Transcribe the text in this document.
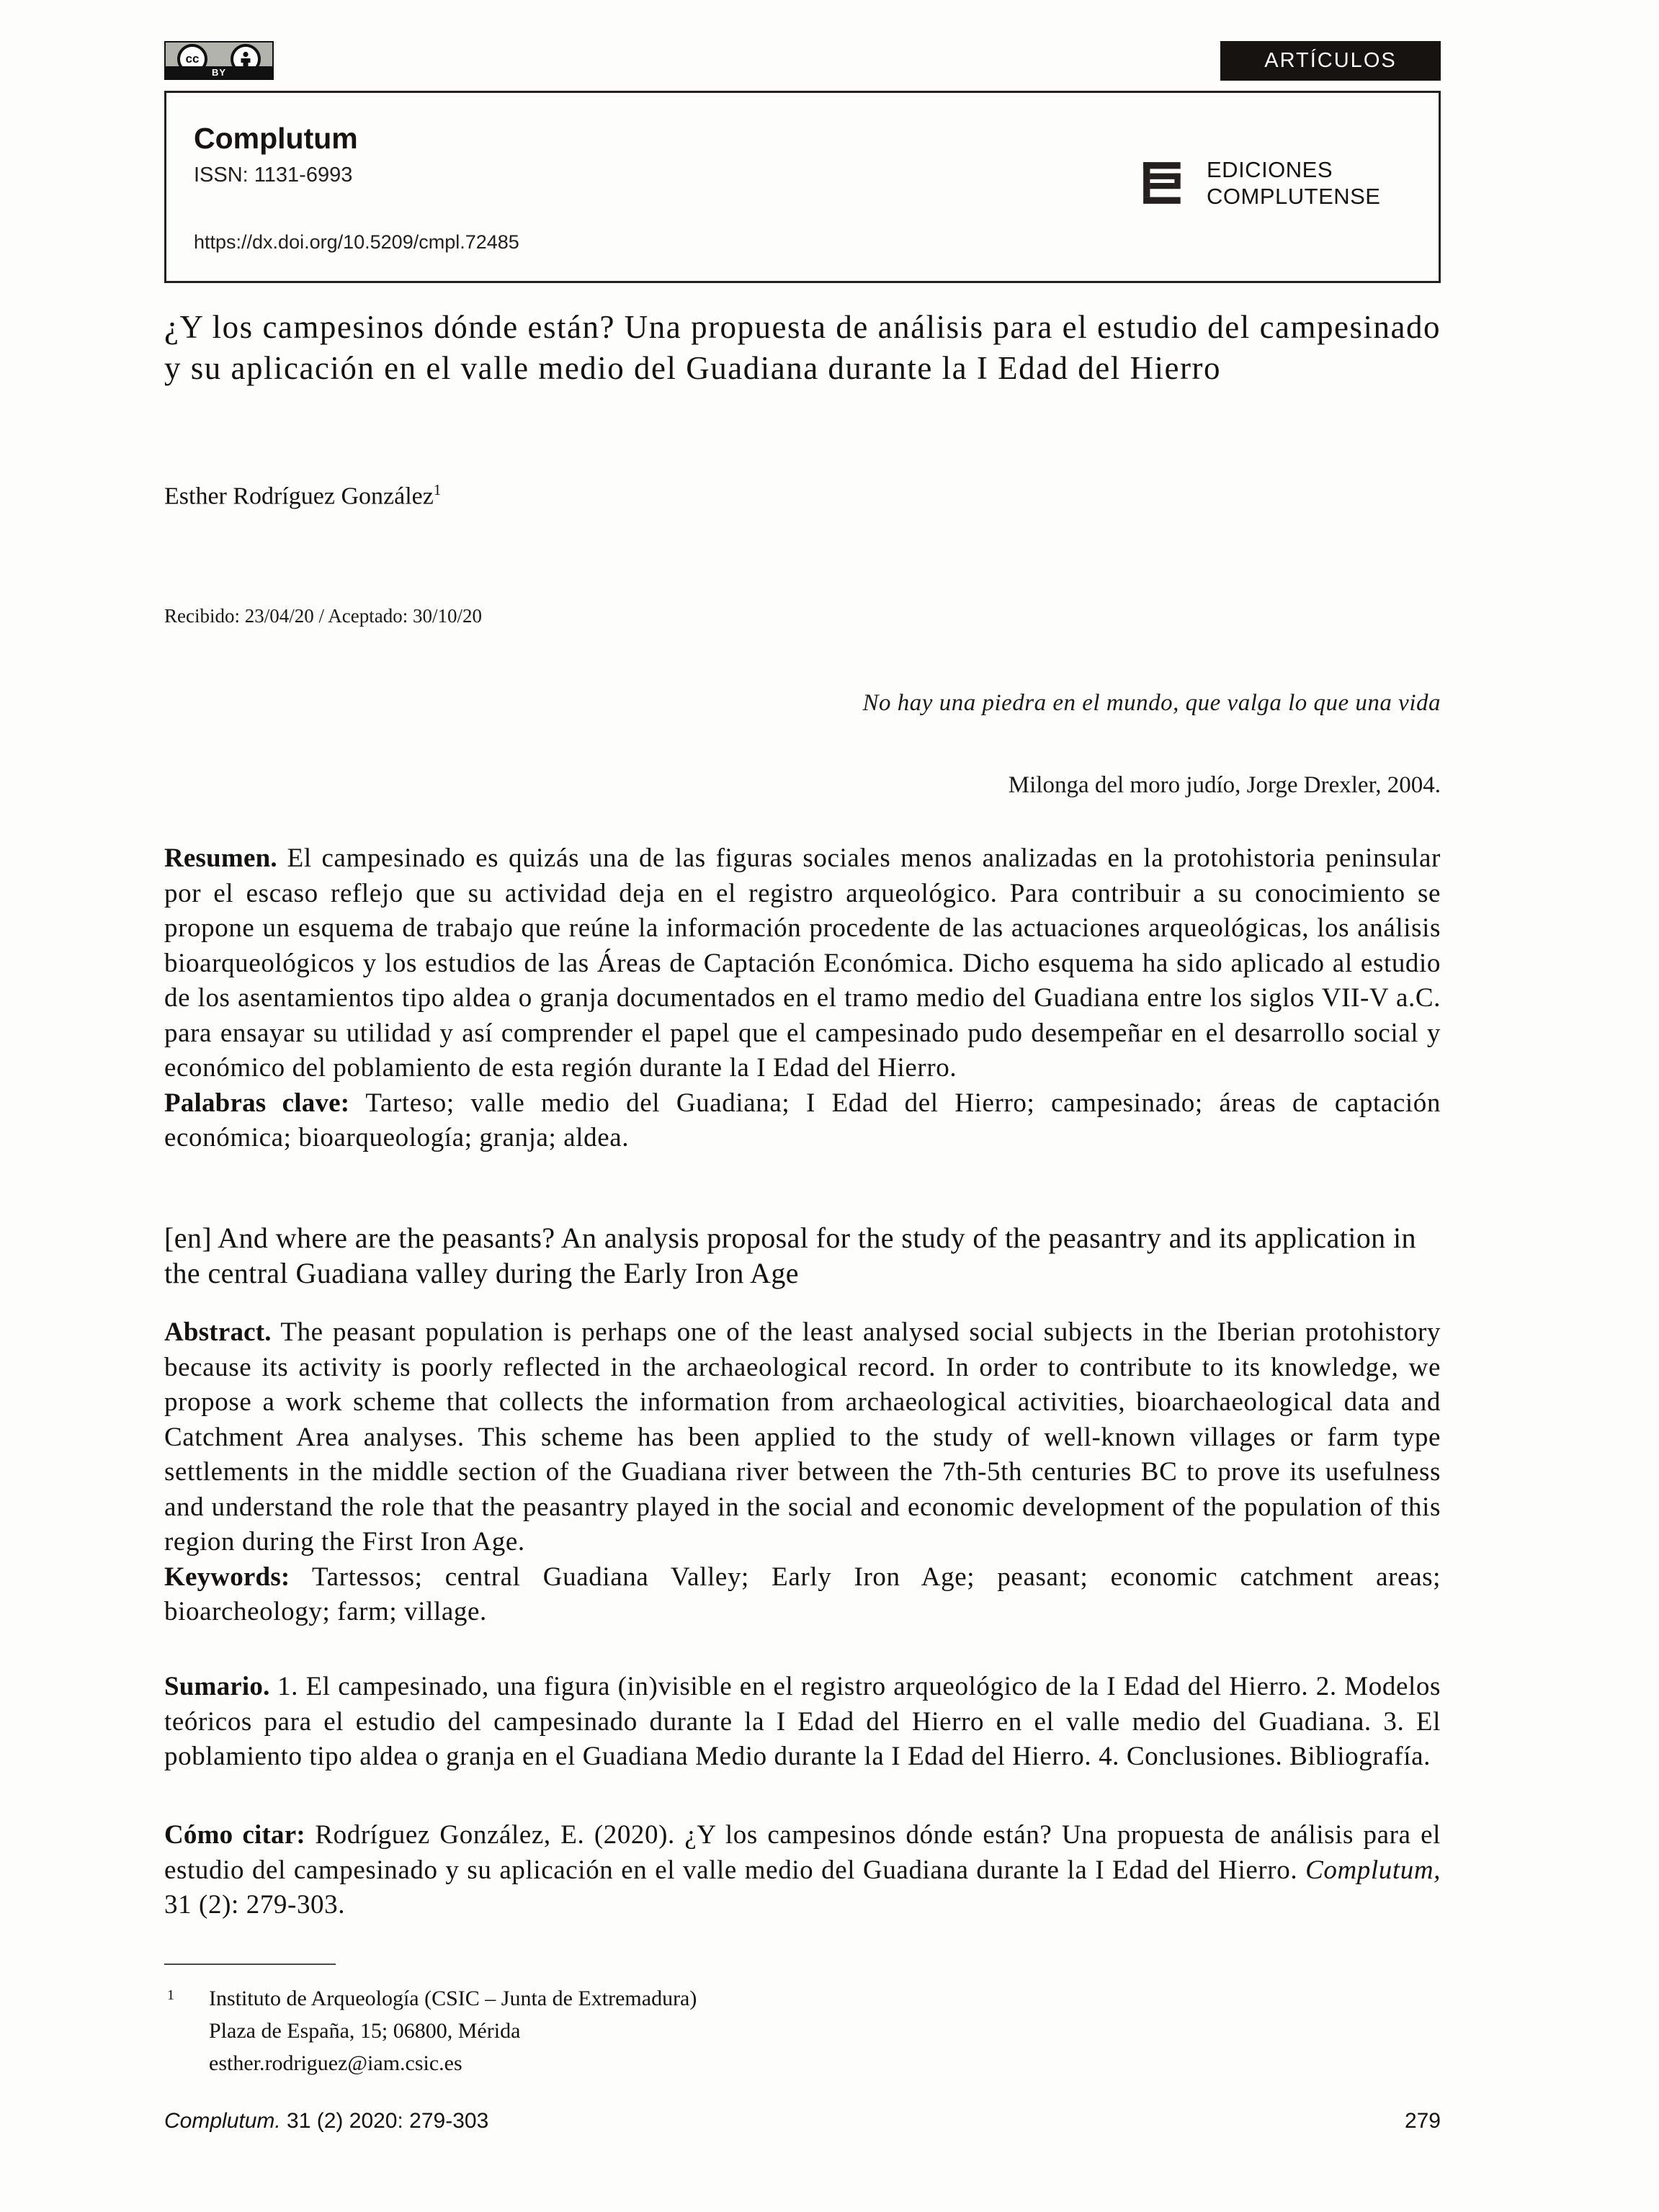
cc
BY
ARTÍCULOS
Complutum
ISSN: 1131-6993
https://dx.doi.org/10.5209/cmpl.72485
EDICIONES
COMPLUTENSE
¿Y los campesinos dónde están? Una propuesta de análisis para el estudio del campesinado y su aplicación en el valle medio del Guadiana durante la I Edad del Hierro
Esther Rodríguez González$^1$
Recibido: 23/04/20 / Aceptado: 30/10/20
No hay una piedra en el mundo, que valga lo que una vida
Milonga del moro judío, Jorge Drexler, 2004.

Resumen. El campesinado es quizás una de las figuras sociales menos analizadas en la protohistoria peninsular por el escaso reflejo que su actividad deja en el registro arqueológico. Para contribuir a su conocimiento se propone un esquema de trabajo que reúne la información procedente de las actuaciones arqueológicas, los análisis bioarqueológicos y los estudios de las Áreas de Captación Económica. Dicho esquema ha sido aplicado al estudio de los asentamientos tipo aldea o granja documentados en el tramo medio del Guadiana entre los siglos VII-V a.C. para ensayar su utilidad y así comprender el papel que el campesinado pudo desempeñar en el desarrollo social y económico del poblamiento de esta región durante la I Edad del Hierro.

Palabras clave: Tarteso; valle medio del Guadiana; I Edad del Hierro; campesinado; áreas de captación económica; bioarqueología; granja; aldea.

[en] And where are the peasants? An analysis proposal for the study of the peasantry and its application in the central Guadiana valley during the Early Iron Age

Abstract. The peasant population is perhaps one of the least analysed social subjects in the Iberian protohistory because its activity is poorly reflected in the archaeological record. In order to contribute to its knowledge, we propose a work scheme that collects the information from archaeological activities, bioarchaeological data and Catchment Area analyses. This scheme has been applied to the study of well-known villages or farm type settlements in the middle section of the Guadiana river between the 7th-5th centuries BC to prove its usefulness and understand the role that the peasantry played in the social and economic development of the population of this region during the First Iron Age.

Keywords: Tartessos; central Guadiana Valley; Early Iron Age; peasant; economic catchment areas; bioarcheology; farm; village.

Sumario. 1. El campesinado, una figura (in)visible en el registro arqueológico de la I Edad del Hierro. 2. Modelos teóricos para el estudio del campesinado durante la I Edad del Hierro en el valle medio del Guadiana. 3. El poblamiento tipo aldea o granja en el Guadiana Medio durante la I Edad del Hierro. 4. Conclusiones. Bibliografía.

Cómo citar: Rodríguez González, E. (2020). ¿Y los campesinos dónde están? Una propuesta de análisis para el estudio del campesinado y su aplicación en el valle medio del Guadiana durante la I Edad del Hierro. Complutum, 31 (2): 279-303.

1 Instituto de Arqueología (CSIC – Junta de Extremadura)
Plaza de España, 15; 06800, Mérida
esther.rodriguez@iam.csic.es
Complutum. 31 (2) 2020: 279-303	279
